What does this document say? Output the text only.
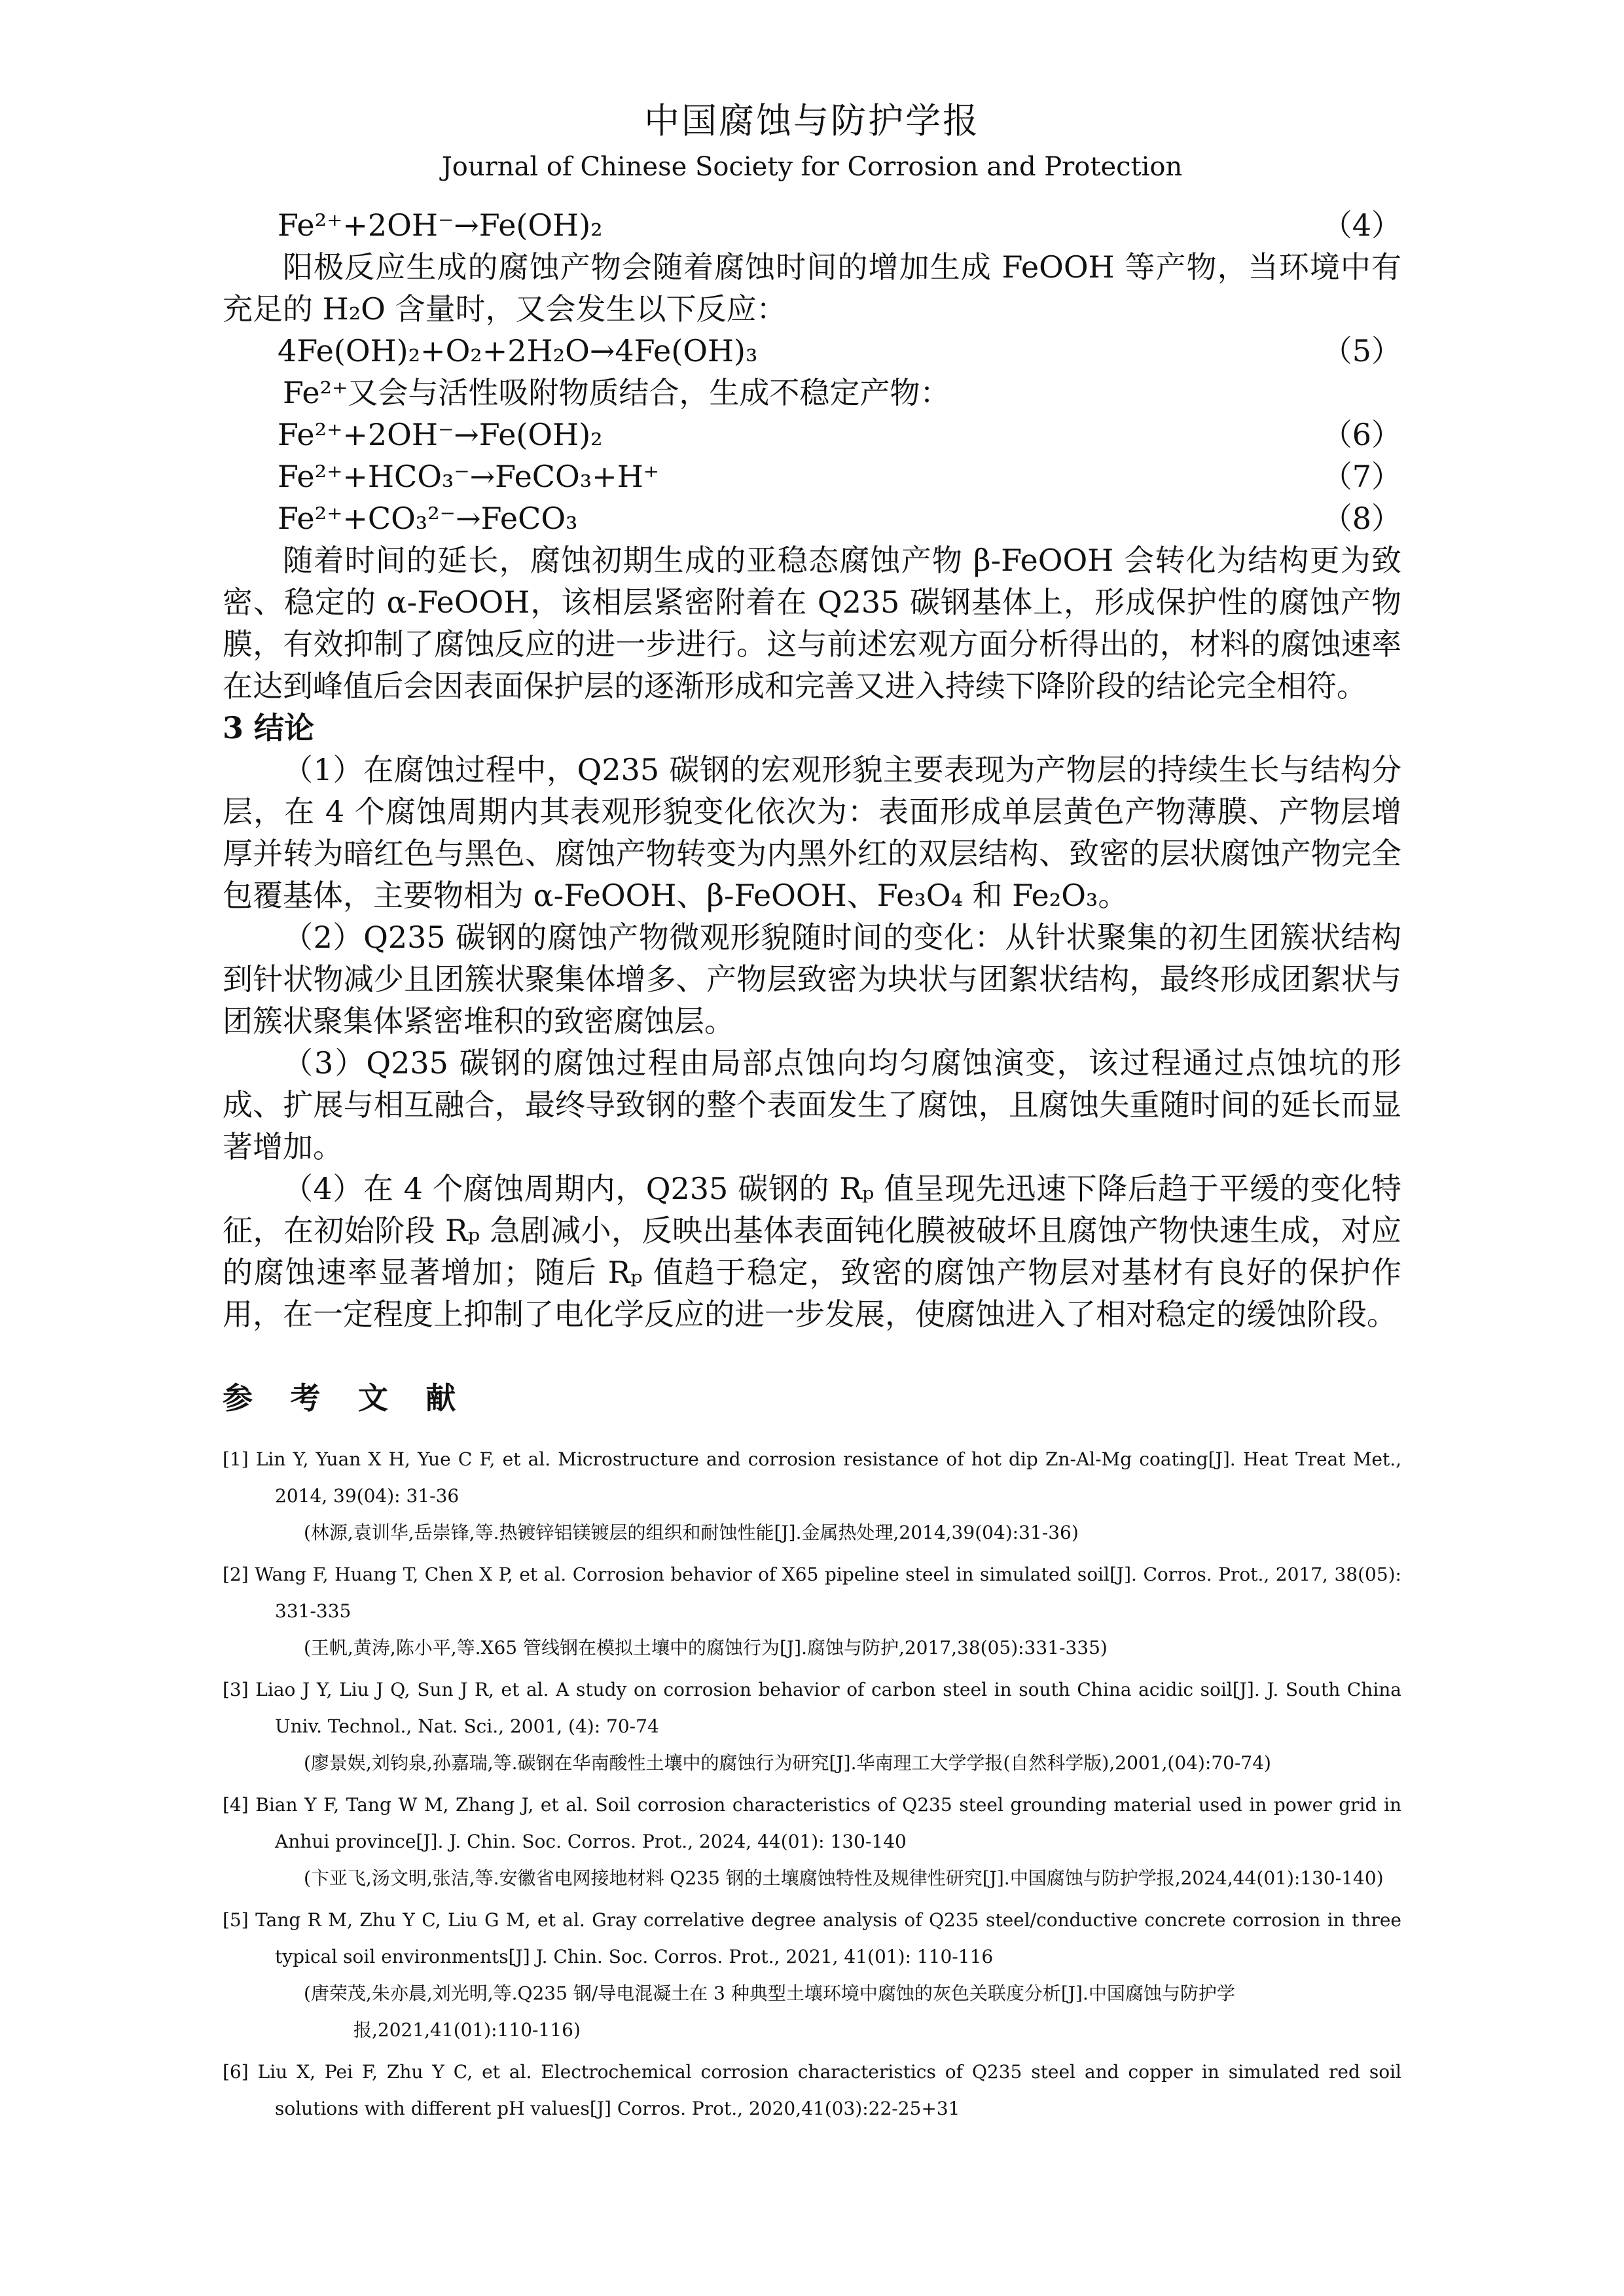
中国腐蚀与防护学报
Journal of Chinese Society for Corrosion and Protection
Fe²⁺+2OH⁻→Fe(OH)₂	（4）

阳极反应生成的腐蚀产物会随着腐蚀时间的增加生成 FeOOH 等产物，当环境中有充足的 H₂O 含量时，又会发生以下反应：

4Fe(OH)₂+O₂+2H₂O→4Fe(OH)₃	（5）

Fe²⁺又会与活性吸附物质结合，生成不稳定产物：

Fe²⁺+2OH⁻→Fe(OH)₂	（6）
Fe²⁺+HCO₃⁻→FeCO₃+H⁺	（7）
Fe²⁺+CO₃²⁻→FeCO₃	（8）

随着时间的延长，腐蚀初期生成的亚稳态腐蚀产物 β-FeOOH 会转化为结构更为致密、稳定的 α-FeOOH，该相层紧密附着在 Q235 碳钢基体上，形成保护性的腐蚀产物膜，有效抑制了腐蚀反应的进一步进行。这与前述宏观方面分析得出的，材料的腐蚀速率在达到峰值后会因表面保护层的逐渐形成和完善又进入持续下降阶段的结论完全相符。

3 结论

（1）在腐蚀过程中，Q235 碳钢的宏观形貌主要表现为产物层的持续生长与结构分层，在 4 个腐蚀周期内其表观形貌变化依次为：表面形成单层黄色产物薄膜、产物层增厚并转为暗红色与黑色、腐蚀产物转变为内黑外红的双层结构、致密的层状腐蚀产物完全包覆基体，主要物相为 α-FeOOH、β-FeOOH、Fe₃O₄ 和 Fe₂O₃。

（2）Q235 碳钢的腐蚀产物微观形貌随时间的变化：从针状聚集的初生团簇状结构到针状物减少且团簇状聚集体增多、产物层致密为块状与团絮状结构，最终形成团絮状与团簇状聚集体紧密堆积的致密腐蚀层。

（3）Q235 碳钢的腐蚀过程由局部点蚀向均匀腐蚀演变，该过程通过点蚀坑的形成、扩展与相互融合，最终导致钢的整个表面发生了腐蚀，且腐蚀失重随时间的延长而显著增加。

（4）在 4 个腐蚀周期内，Q235 碳钢的 Rₚ 值呈现先迅速下降后趋于平缓的变化特征，在初始阶段 Rₚ 急剧减小，反映出基体表面钝化膜被破坏且腐蚀产物快速生成，对应的腐蚀速率显著增加；随后 Rₚ 值趋于稳定，致密的腐蚀产物层对基材有良好的保护作用，在一定程度上抑制了电化学反应的进一步发展，使腐蚀进入了相对稳定的缓蚀阶段。

参 考 文 献

[1] Lin Y, Yuan X H, Yue C F, et al. Microstructure and corrosion resistance of hot dip Zn-Al-Mg coating[J]. Heat Treat Met., 2014, 39(04): 31-36

(林源,袁训华,岳崇锋,等.热镀锌铝镁镀层的组织和耐蚀性能[J].金属热处理,2014,39(04):31-36)

[2] Wang F, Huang T, Chen X P, et al. Corrosion behavior of X65 pipeline steel in simulated soil[J]. Corros. Prot., 2017, 38(05): 331-335

(王帆,黄涛,陈小平,等.X65 管线钢在模拟土壤中的腐蚀行为[J].腐蚀与防护,2017,38(05):331-335)

[3] Liao J Y, Liu J Q, Sun J R, et al. A study on corrosion behavior of carbon steel in south China acidic soil[J]. J. South China Univ. Technol., Nat. Sci., 2001, (4): 70-74

(廖景娱,刘钧泉,孙嘉瑞,等.碳钢在华南酸性土壤中的腐蚀行为研究[J].华南理工大学学报(自然科学版),2001,(04):70-74)

[4] Bian Y F, Tang W M, Zhang J, et al. Soil corrosion characteristics of Q235 steel grounding material used in power grid in Anhui province[J]. J. Chin. Soc. Corros. Prot., 2024, 44(01): 130-140

(卞亚飞,汤文明,张洁,等.安徽省电网接地材料 Q235 钢的土壤腐蚀特性及规律性研究[J].中国腐蚀与防护学报,2024,44(01):130-140)

[5] Tang R M, Zhu Y C, Liu G M, et al. Gray correlative degree analysis of Q235 steel/conductive concrete corrosion in three typical soil environments[J] J. Chin. Soc. Corros. Prot., 2021, 41(01): 110-116

(唐荣茂,朱亦晨,刘光明,等.Q235 钢/导电混凝土在 3 种典型土壤环境中腐蚀的灰色关联度分析[J].中国腐蚀与防护学报,2021,41(01):110-116)

[6] Liu X, Pei F, Zhu Y C, et al. Electrochemical corrosion characteristics of Q235 steel and copper in simulated red soil solutions with different pH values[J] Corros. Prot., 2020,41(03):22-25+31
